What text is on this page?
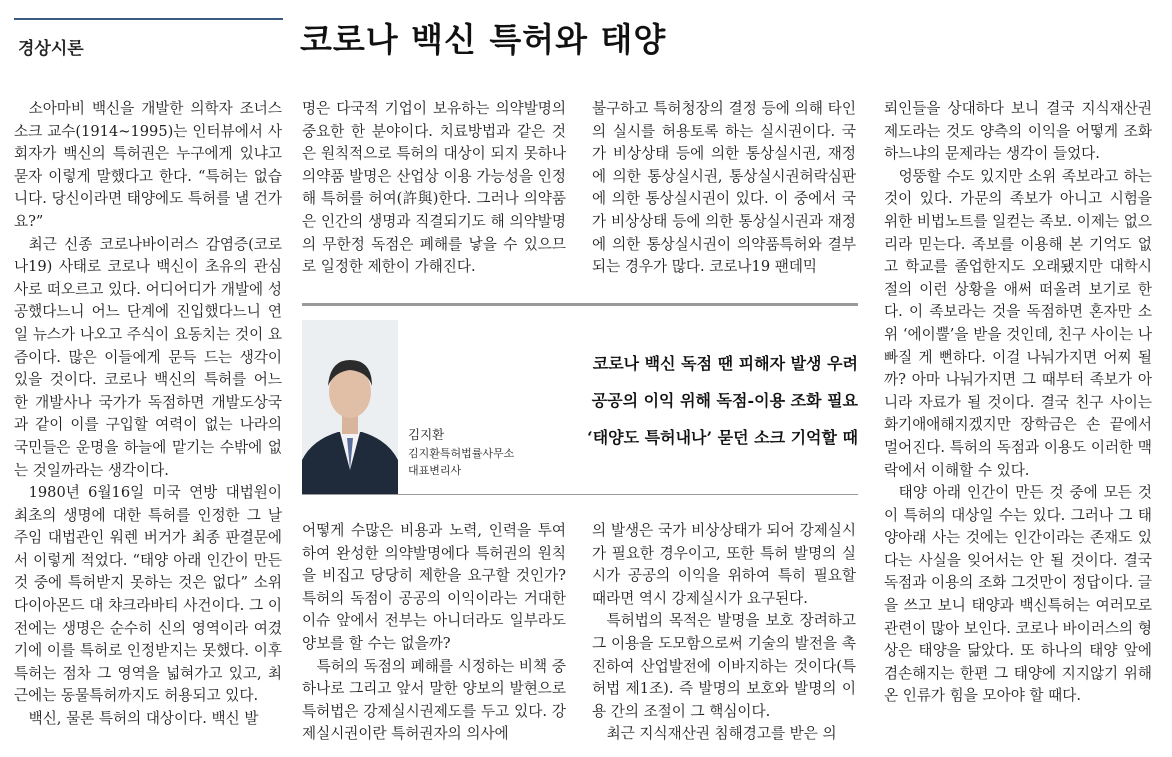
경상시론	코로나 백신 특허와 태양

소아마비 백신을 개발한 의학자 조너스 소크 교수(1914~1995)는 인터뷰에서 사회자가 백신의 특허권은 누구에게 있냐고 묻자 이렇게 말했다고 한다. “특허는 없습니다. 당신이라면 태양에도 특허를 낼 건가요?”

최근 신종 코로나바이러스 감염증(코로나19) 사태로 코로나 백신이 초유의 관심사로 떠오르고 있다. 어디어디가 개발에 성공했다느니 어느 단계에 진입했다느니 연일 뉴스가 나오고 주식이 요동치는 것이 요즘이다. 많은 이들에게 문득 드는 생각이 있을 것이다. 코로나 백신의 특허를 어느 한 개발사나 국가가 독점하면 개발도상국과 같이 이를 구입할 여력이 없는 나라의 국민들은 운명을 하늘에 맡기는 수밖에 없는 것일까라는 생각이다.

1980년 6월16일 미국 연방 대법원이 최초의 생명에 대한 특허를 인정한 그 날 주임 대법관인 워렌 버거가 최종 판결문에서 이렇게 적었다. “태양 아래 인간이 만든 것 중에 특허받지 못하는 것은 없다” 소위 다이아몬드 대 챠크라바티 사건이다. 그 이전에는 생명은 순수히 신의 영역이라 여겼기에 이를 특허로 인정받지는 못했다. 이후 특허는 점차 그 영역을 넓혀가고 있고, 최근에는 동물특허까지도 허용되고 있다.

백신, 물론 특허의 대상이다. 백신 발

명은 다국적 기업이 보유하는 의약발명의 중요한 한 분야이다. 치료방법과 같은 것은 원칙적으로 특허의 대상이 되지 못하나 의약품 발명은 산업상 이용 가능성을 인정해 특허를 허여(許與)한다. 그러나 의약품은 인간의 생명과 직결되기도 해 의약발명의 무한정 독점은 폐해를 낳을 수 있으므로 일정한 제한이 가해진다.

불구하고 특허청장의 결정 등에 의해 타인의 실시를 허용토록 하는 실시권이다. 국가 비상상태 등에 의한 통상실시권, 재정에 의한 통상실시권, 통상실시권허락심판에 의한 통상실시권이 있다. 이 중에서 국가 비상상태 등에 의한 통상실시권과 재정에 의한 통상실시권이 의약품특허와 결부되는 경우가 많다. 코로나19 팬데믹

김지환
김지환특허법률사무소
대표변리사
코로나 백신 독점 땐 피해자 발생 우려
공공의 이익 위해 독점-이용 조화 필요
‘태양도 특허내나’ 묻던 소크 기억할 때

어떻게 수많은 비용과 노력, 인력을 투여하여 완성한 의약발명에다 특허권의 원칙을 비집고 당당히 제한을 요구할 것인가? 특허의 독점이 공공의 이익이라는 거대한 이슈 앞에서 전부는 아니더라도 일부라도 양보를 할 수는 없을까?

특허의 독점의 폐해를 시정하는 비책 중 하나로 그리고 앞서 말한 양보의 발현으로 특허법은 강제실시권제도를 두고 있다. 강제실시권이란 특허권자의 의사에

의 발생은 국가 비상상태가 되어 강제실시가 필요한 경우이고, 또한 특허 발명의 실시가 공공의 이익을 위하여 특히 필요할 때라면 역시 강제실시가 요구된다.

특허법의 목적은 발명을 보호 장려하고 그 이용을 도모함으로써 기술의 발전을 촉진하여 산업발전에 이바지하는 것이다(특허법 제1조). 즉 발명의 보호와 발명의 이용 간의 조절이 그 핵심이다.

최근 지식재산권 침해경고를 받은 의

뢰인들을 상대하다 보니 결국 지식재산권 제도라는 것도 양측의 이익을 어떻게 조화하느냐의 문제라는 생각이 들었다.

엉뚱할 수도 있지만 소위 족보라고 하는 것이 있다. 가문의 족보가 아니고 시험을 위한 비법노트를 일컫는 족보. 이제는 없으리라 믿는다. 족보를 이용해 본 기억도 없고 학교를 졸업한지도 오래됐지만 대학시절의 이런 상황을 애써 떠올려 보기로 한다. 이 족보라는 것을 독점하면 혼자만 소위 ‘에이뿔’을 받을 것인데, 친구 사이는 나빠질 게 뻔하다. 이걸 나눠가지면 어찌 될까? 아마 나눠가지면 그 때부터 족보가 아니라 자료가 될 것이다. 결국 친구 사이는 화기애애해지겠지만 장학금은 손 끝에서 멀어진다. 특허의 독점과 이용도 이러한 맥락에서 이해할 수 있다.

태양 아래 인간이 만든 것 중에 모든 것이 특허의 대상일 수는 있다. 그러나 그 태양아래 사는 것에는 인간이라는 존재도 있다는 사실을 잊어서는 안 될 것이다. 결국 독점과 이용의 조화 그것만이 정답이다. 글을 쓰고 보니 태양과 백신특허는 여러모로 관련이 많아 보인다. 코로나 바이러스의 형상은 태양을 닮았다. 또 하나의 태양 앞에 겸손해지는 한편 그 태양에 지지않기 위해 온 인류가 힘을 모아야 할 때다.
